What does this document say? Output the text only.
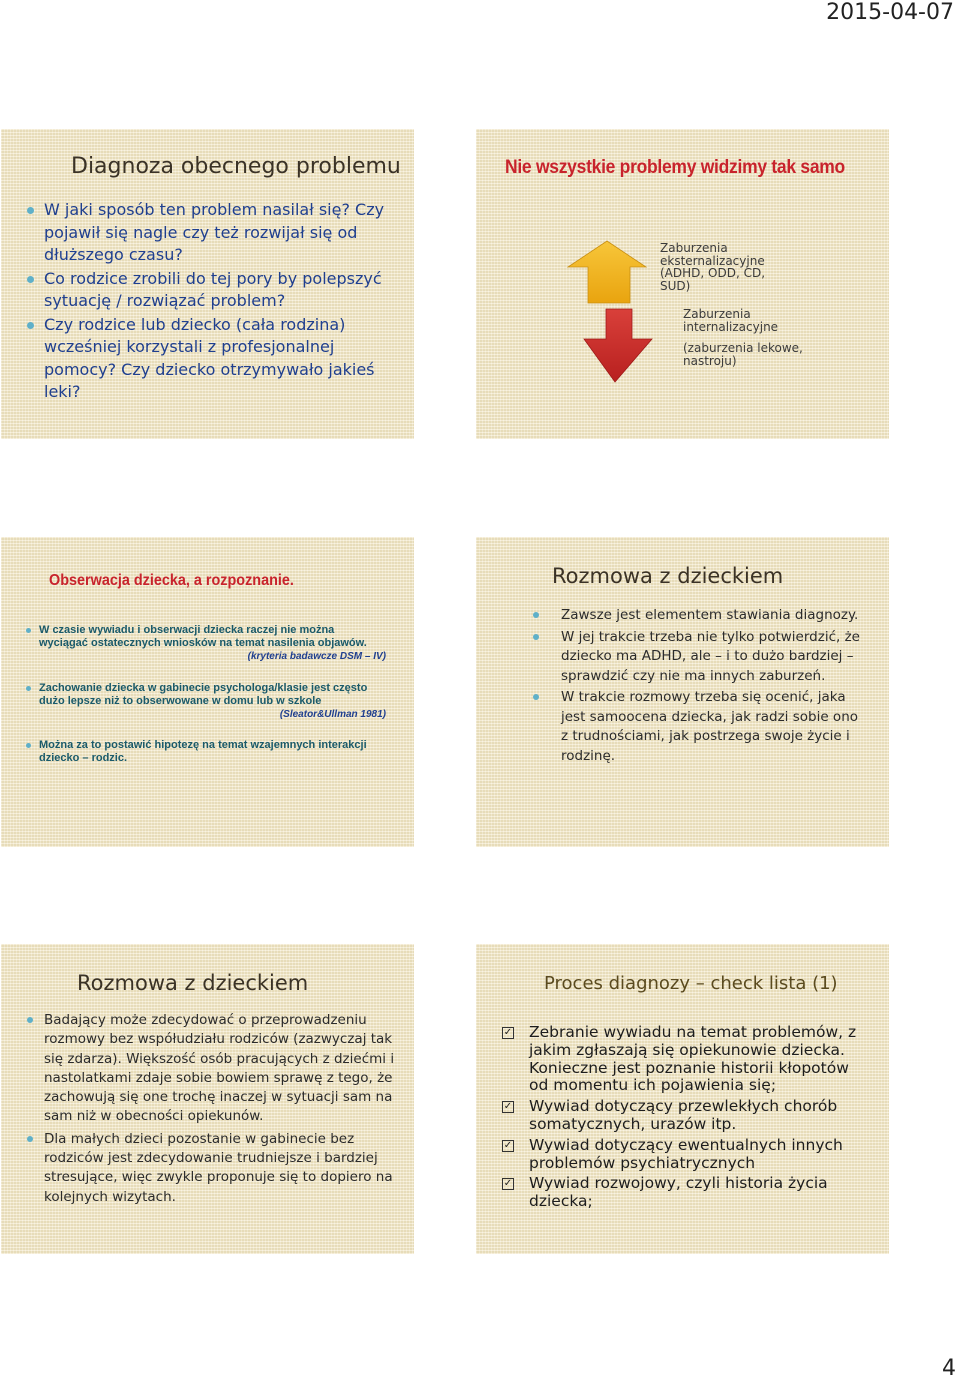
2015-04-07
Diagnoza obecnego problemu
W jaki sposób ten problem nasilał się? Czy pojawił się nagle czy też rozwijał się od dłuższego czasu?
Co rodzice zrobili do tej pory by polepszyć sytuację / rozwiązać problem?
Czy rodzice lub dziecko (cała rodzina) wcześniej korzystali z profesjonalnej pomocy? Czy dziecko otrzymywało jakieś leki?
Nie wszystkie problemy widzimy tak samo
Zaburzenia eksternalizacyjne (ADHD, ODD, CD, SUD)
Zaburzenia internalizacyjne
(zaburzenia lekowe, nastroju)
Obserwacja dziecka, a rozpoznanie.
W czasie wywiadu i obserwacji dziecka raczej nie można wyciągać ostatecznych wniosków na temat nasilenia objawów.
(kryteria badawcze DSM – IV)
Zachowanie dziecka w gabinecie psychologa/klasie jest często dużo lepsze niż to obserwowane w domu lub w szkole
(Sleator&Ullman 1981)
Można za to postawić hipotezę na temat wzajemnych interakcji dziecko – rodzic.
Rozmowa z dzieckiem
Zawsze jest elementem stawiania diagnozy.
W jej trakcie trzeba nie tylko potwierdzić, że dziecko ma ADHD, ale – i to dużo bardziej – sprawdzić czy nie ma innych zaburzeń.
W trakcie rozmowy trzeba się ocenić, jaka jest samoocena dziecka, jak radzi sobie ono z trudnościami, jak postrzega swoje życie i rodzinę.
Rozmowa z dzieckiem
Badający może zdecydować o przeprowadzeniu rozmowy bez współudziału rodziców (zazwyczaj tak się zdarza). Większość osób pracujących z dziećmi i nastolatkami zdaje sobie bowiem sprawę z tego, że zachowują się one trochę inaczej w sytuacji sam na sam niż w obecności opiekunów.
Dla małych dzieci pozostanie w gabinecie bez rodziców jest zdecydowanie trudniejsze i bardziej stresujące, więc zwykle proponuje się to dopiero na kolejnych wizytach.
Proces diagnozy – check lista (1)
✓ Zebranie wywiadu na temat problemów, z jakim zgłaszają się opiekunowie dziecka. Konieczne jest poznanie historii kłopotów od momentu ich pojawienia się;
✓ Wywiad dotyczący przewlekłych chorób somatycznych, urazów itp.
✓ Wywiad dotyczący ewentualnych innych problemów psychiatrycznych
✓ Wywiad rozwojowy, czyli historia życia dziecka;
4
